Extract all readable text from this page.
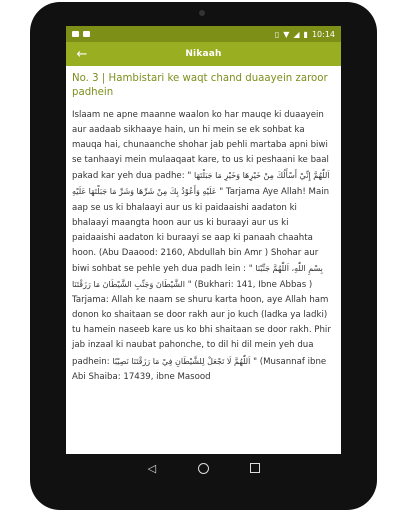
▯ ▼ ◢ ▮ 10:14
←	Nikaah
No. 3 | Hambistari ke waqt chand duaayein zaroor padhein

Islaam ne apne maanne waalon ko har mauqe ki duaayein aur aadaab sikhaaye hain, un hi mein se ek sohbat ka mauqa hai, chunaanche shohar jab pehli martaba apni biwi se tanhaayi mein mulaaqaat kare, to us ki peshaani ke baal pakad kar yeh dua padhe: " اَللّٰهُمَّ إِنِّيْ أَسْأَلُكَ مِنْ خَيْرِهَا وَخَيْرِ مَا جَبَلْتَهَا عَلَيْهِ وَأَعُوْذُ بِكَ مِنْ شَرِّهَا وَشَرِّ مَا جَبَلْتَهَا عَلَيْهِ " Tarjama Aye Allah! Main aap se us ki bhalaayi aur us ki paidaaishi aadaton ki bhalaayi maangta hoon aur us ki buraayi aur us ki paidaaishi aadaton ki buraayi se aap ki panaah chaahta hoon. (Abu Daaood: 2160, Abdullah bin Amr ) Shohar aur biwi sohbat se pehle yeh dua padh lein : " بِسْمِ اللّٰهِ، اَللّٰهُمَّ جَنِّبْنَا الشَّيْطَانَ وَجَنِّبِ الشَّيْطَانَ مَا رَزَقْتَنَا " (Bukhari: 141, Ibne Abbas ) Tarjama: Allah ke naam se shuru karta hoon, aye Allah ham donon ko shaitaan se door rakh aur jo kuch (ladka ya ladki) tu hamein naseeb kare us ko bhi shaitaan se door rakh. Phir jab inzaal ki naubat pahonche, to dil hi dil mein yeh dua padhein: اَللّٰهُمَّ لَا تَجْعَلْ لِلشَّيْطَانِ فِيْ مَا رَزَقْتَنَا نَصِيْبًا " (Musannaf ibne Abi Shaiba: 17439, ibne Masood

◁
